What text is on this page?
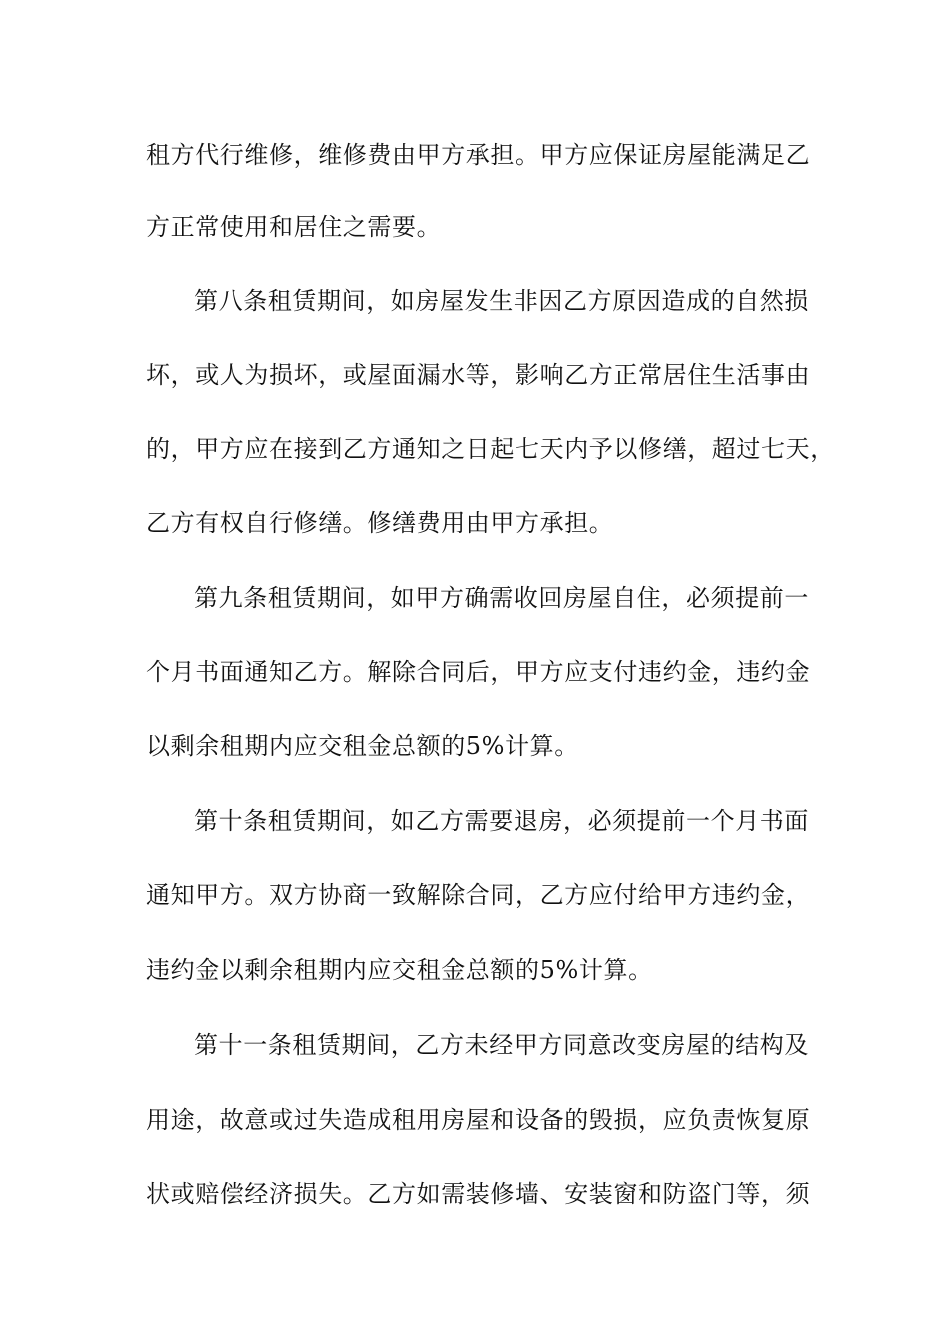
租方代行维修，维修费由甲方承担。甲方应保证房屋能满足乙
方正常使用和居住之需要。
第八条租赁期间，如房屋发生非因乙方原因造成的自然损
坏，或人为损坏，或屋面漏水等，影响乙方正常居住生活事由
的，甲方应在接到乙方通知之日起七天内予以修缮，超过七天，
乙方有权自行修缮。修缮费用由甲方承担。
第九条租赁期间，如甲方确需收回房屋自住，必须提前一
个月书面通知乙方。解除合同后，甲方应支付违约金，违约金
以剩余租期内应交租金总额的5%计算。
第十条租赁期间，如乙方需要退房，必须提前一个月书面
通知甲方。双方协商一致解除合同，乙方应付给甲方违约金，
违约金以剩余租期内应交租金总额的5%计算。
第十一条租赁期间，乙方未经甲方同意改变房屋的结构及
用途，故意或过失造成租用房屋和设备的毁损，应负责恢复原
状或赔偿经济损失。乙方如需装修墙、安装窗和防盗门等，须
